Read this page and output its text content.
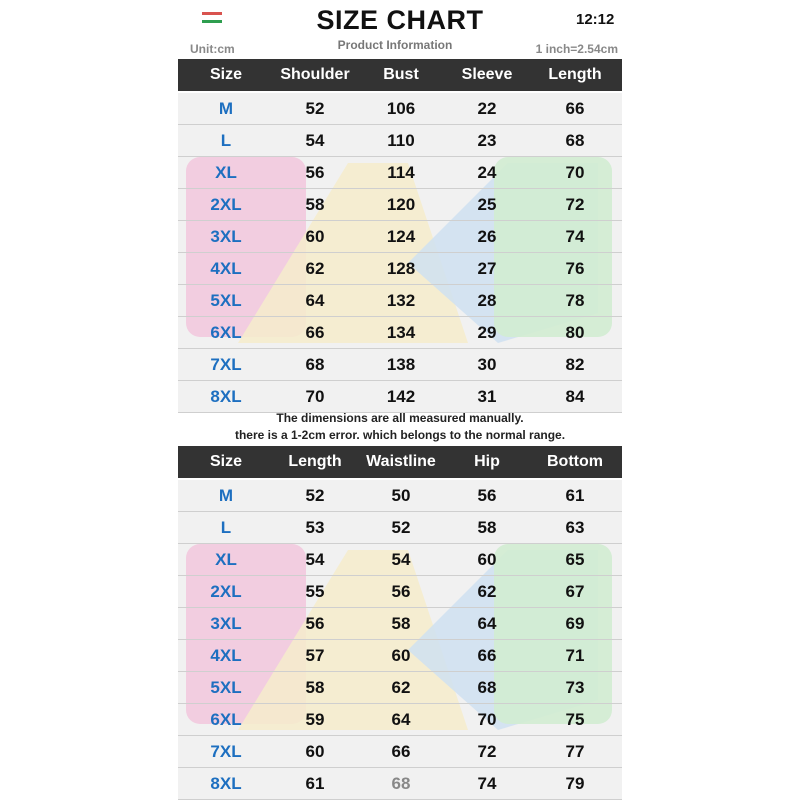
SIZE CHART	12:12
Product Information
Unit:cm	1 inch=2.54cm
Size	Shoulder	Bust	Sleeve	Length
M	52	106	22	66
L	54	110	23	68
XL	56	114	24	70
2XL	58	120	25	72
3XL	60	124	26	74
4XL	62	128	27	76
5XL	64	132	28	78
6XL	66	134	29	80
7XL	68	138	30	82
8XL	70	142	31	84
The dimensions are all measured manually.
there is a 1-2cm error. which belongs to the normal range.
Size	Length	Waistline	Hip	Bottom
M	52	50	56	61
L	53	52	58	63
XL	54	54	60	65
2XL	55	56	62	67
3XL	56	58	64	69
4XL	57	60	66	71
5XL	58	62	68	73
6XL	59	64	70	75
7XL	60	66	72	77
8XL	61	68	74	79
